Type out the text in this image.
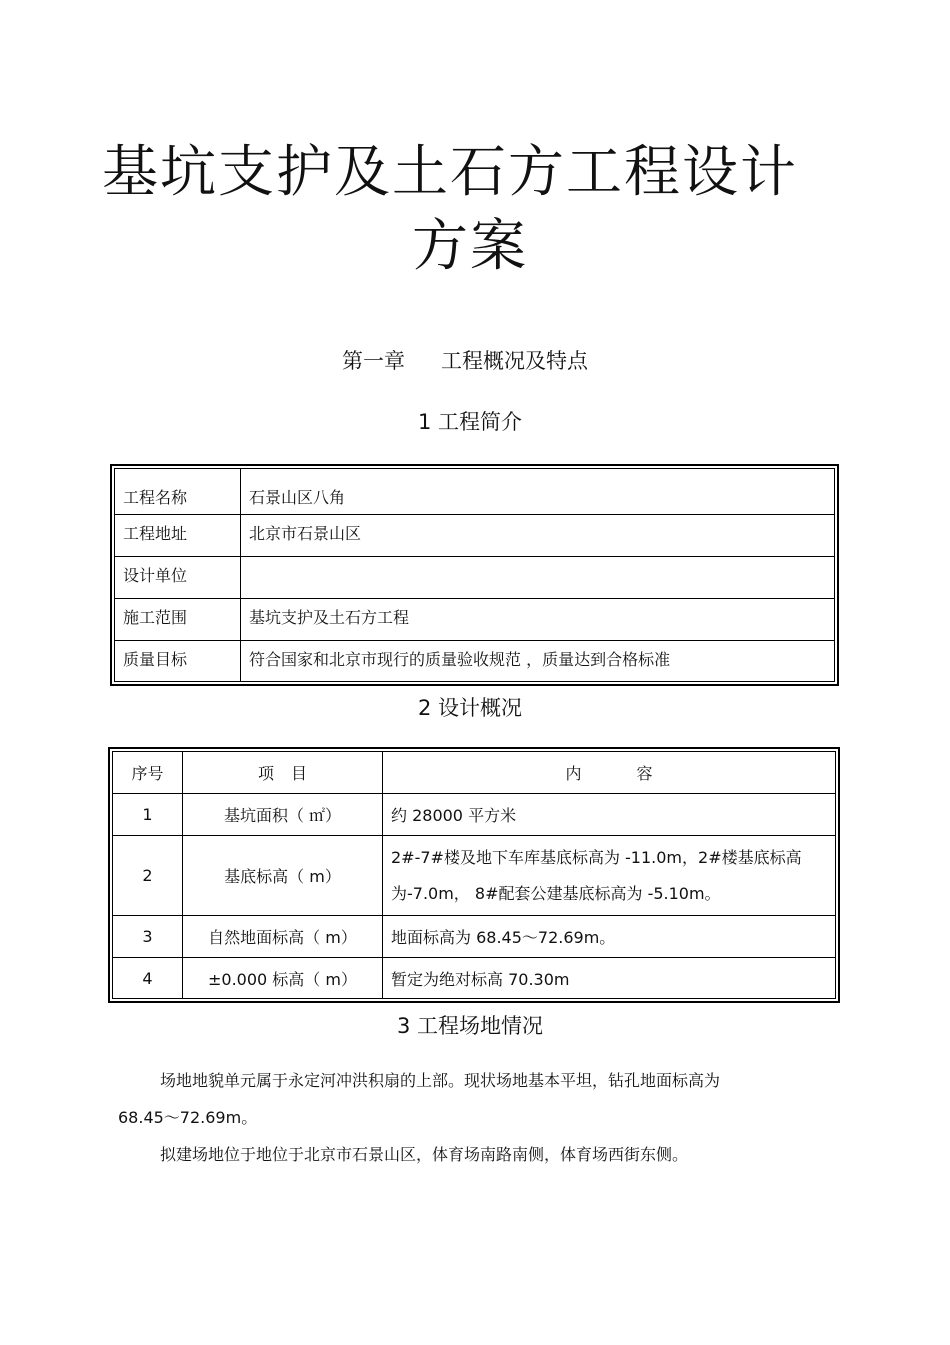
基坑支护及土石方工程设计
方案
第一章 工程概况及特点
1 工程简介
工程名称	石景山区八角
工程地址	北京市石景山区
设计单位	
施工范围	基坑支护及土石方工程
质量目标	符合国家和北京市现行的质量验收规范 ，质量达到合格标准
2 设计概况
序号	项 目	内 容
1	基坑面积（ ㎡）	约 28000 平方米
2	基底标高（ m）	2#-7#楼及地下车库基底标高为 -11.0m，2#楼基底标高为-7.0m， 8#配套公建基底标高为 -5.10m。
3	自然地面标高（ m）	地面标高为 68.45～72.69m。
4	±0.000 标高（ m）	暂定为绝对标高 70.30m
3 工程场地情况
场地地貌单元属于永定河冲洪积扇的上部。现状场地基本平坦，钻孔地面标高为
68.45～72.69m。
拟建场地位于地位于北京市石景山区，体育场南路南侧，体育场西街东侧。
